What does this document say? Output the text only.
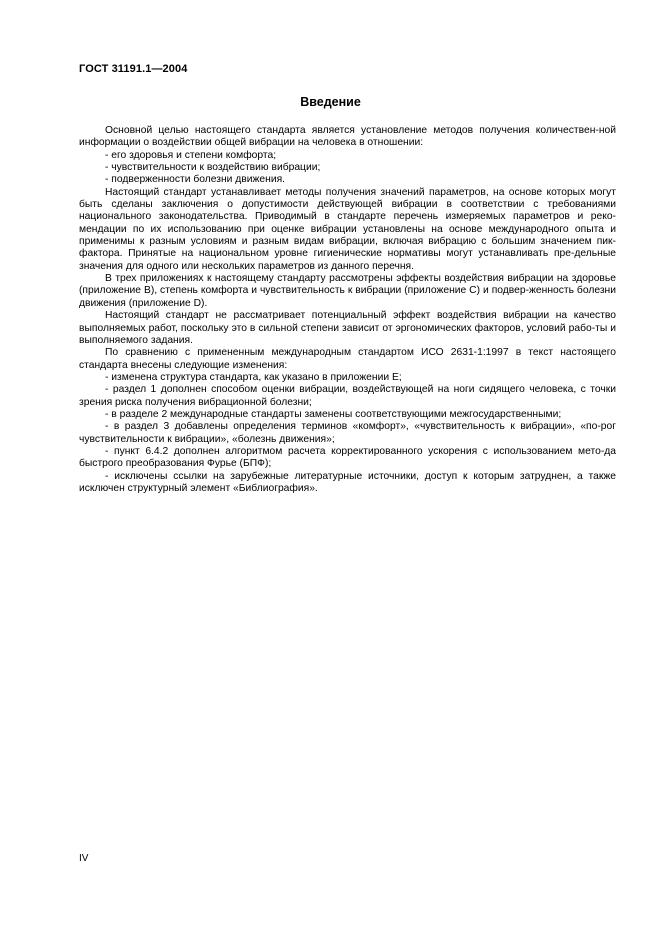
ГОСТ 31191.1—2004
Введение

Основной целью настоящего стандарта является установление методов получения количествен-ной информации о воздействии общей вибрации на человека в отношении:

- его здоровья и степени комфорта;

- чувствительности к воздействию вибрации;

- подверженности болезни движения.

Настоящий стандарт устанавливает методы получения значений параметров, на основе которых могут быть сделаны заключения о допустимости действующей вибрации в соответствии с требованиями национального законодательства. Приводимый в стандарте перечень измеряемых параметров и реко-мендации по их использованию при оценке вибрации установлены на основе международного опыта и применимы к разным условиям и разным видам вибрации, включая вибрацию с большим значением пик-фактора. Принятые на национальном уровне гигиенические нормативы могут устанавливать пре-дельные значения для одного или нескольких параметров из данного перечня.

В трех приложениях к настоящему стандарту рассмотрены эффекты воздействия вибрации на здоровье (приложение В), степень комфорта и чувствительность к вибрации (приложение С) и подвер-женность болезни движения (приложение D).

Настоящий стандарт не рассматривает потенциальный эффект воздействия вибрации на качество выполняемых работ, поскольку это в сильной степени зависит от эргономических факторов, условий рабо-ты и выполняемого задания.

По сравнению с примененным международным стандартом ИСО 2631-1:1997 в текст настоящего стандарта внесены следующие изменения:

- изменена структура стандарта, как указано в приложении Е;

- раздел 1 дополнен способом оценки вибрации, воздействующей на ноги сидящего человека, с точки зрения риска получения вибрационной болезни;

- в разделе 2 международные стандарты заменены соответствующими межгосударственными;

- в раздел 3 добавлены определения терминов «комфорт», «чувствительность к вибрации», «по-рог чувствительности к вибрации», «болезнь движения»;

- пункт 6.4.2 дополнен алгоритмом расчета корректированного ускорения с использованием мето-да быстрого преобразования Фурье (БПФ);

- исключены ссылки на зарубежные литературные источники, доступ к которым затруднен, а также исключен структурный элемент «Библиография».

IV
